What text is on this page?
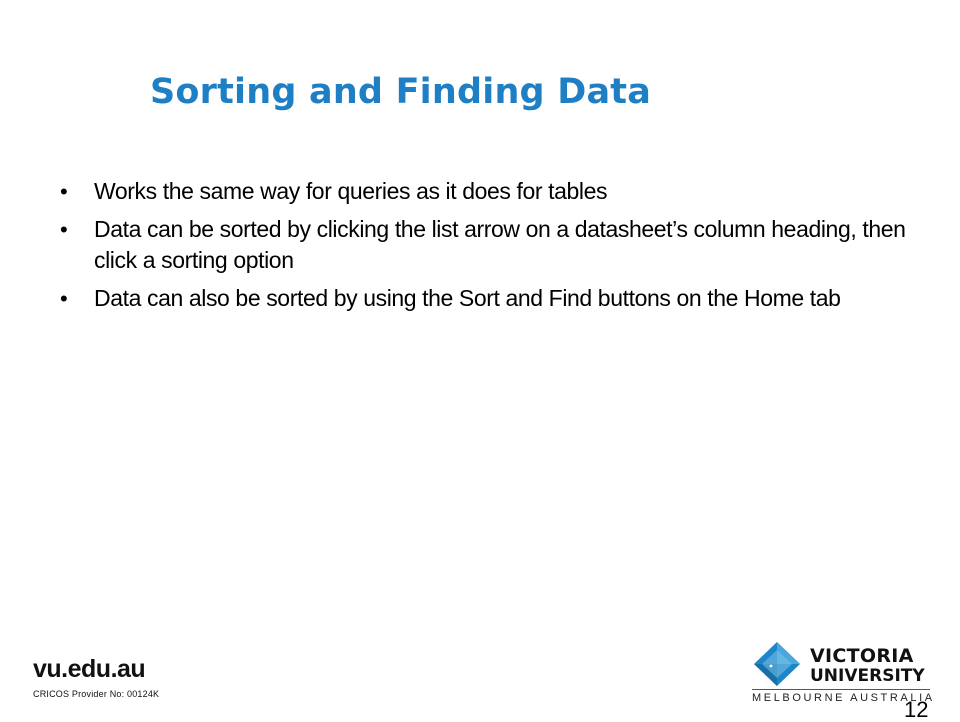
Sorting and Finding Data
• Works the same way for queries as it does for tables
• Data can be sorted by clicking the list arrow on a datasheet’s column heading, then click a sorting option
• Data can also be sorted by using the Sort and Find buttons on the Home tab
vu.edu.au
CRICOS Provider No: 00124K
VICTORIA
UNIVERSITY
MELBOURNE AUSTRALIA
12
